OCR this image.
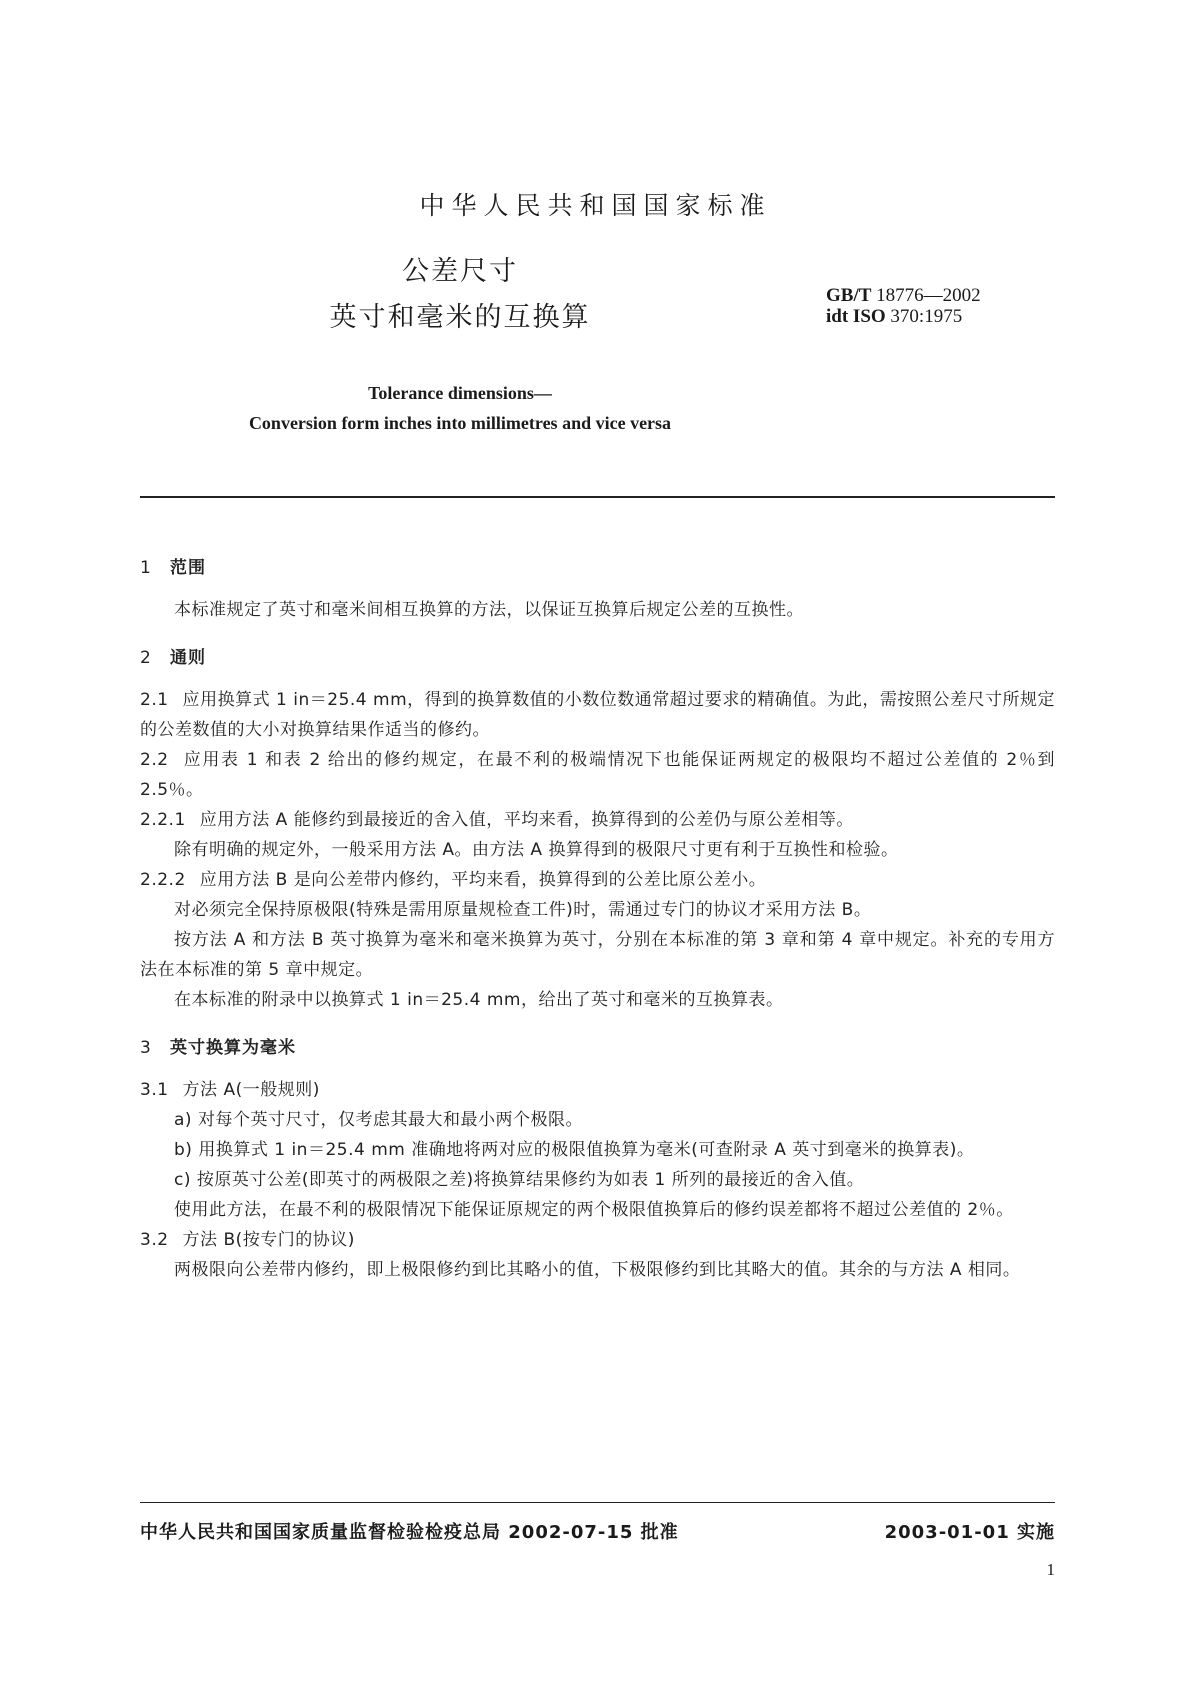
中华人民共和国国家标准
公差尺寸
英寸和毫米的互换算
GB/T 18776—2002
idt ISO 370:1975
Tolerance dimensions—
Conversion form inches into millimetres and vice versa
1 范围

本标准规定了英寸和毫米间相互换算的方法，以保证互换算后规定公差的互换性。

2 通则

2.1 应用换算式 1 in＝25.4 mm，得到的换算数值的小数位数通常超过要求的精确值。为此，需按照公差尺寸所规定的公差数值的大小对换算结果作适当的修约。

2.2 应用表 1 和表 2 给出的修约规定，在最不利的极端情况下也能保证两规定的极限均不超过公差值的 2％到 2.5％。

2.2.1 应用方法 A 能修约到最接近的舍入值，平均来看，换算得到的公差仍与原公差相等。

除有明确的规定外，一般采用方法 A。由方法 A 换算得到的极限尺寸更有利于互换性和检验。

2.2.2 应用方法 B 是向公差带内修约，平均来看，换算得到的公差比原公差小。

对必须完全保持原极限(特殊是需用原量规检查工件)时，需通过专门的协议才采用方法 B。

按方法 A 和方法 B 英寸换算为毫米和毫米换算为英寸，分别在本标准的第 3 章和第 4 章中规定。补充的专用方法在本标准的第 5 章中规定。

在本标准的附录中以换算式 1 in＝25.4 mm，给出了英寸和毫米的互换算表。

3 英寸换算为毫米

3.1 方法 A(一般规则)

a) 对每个英寸尺寸，仅考虑其最大和最小两个极限。

b) 用换算式 1 in＝25.4 mm 准确地将两对应的极限值换算为毫米(可查附录 A 英寸到毫米的换算表)。

c) 按原英寸公差(即英寸的两极限之差)将换算结果修约为如表 1 所列的最接近的舍入值。

使用此方法，在最不利的极限情况下能保证原规定的两个极限值换算后的修约误差都将不超过公差值的 2％。

3.2 方法 B(按专门的协议)

两极限向公差带内修约，即上极限修约到比其略小的值，下极限修约到比其略大的值。其余的与方法 A 相同。

中华人民共和国国家质量监督检验检疫总局 2002-07-15 批准	2003-01-01 实施
1
